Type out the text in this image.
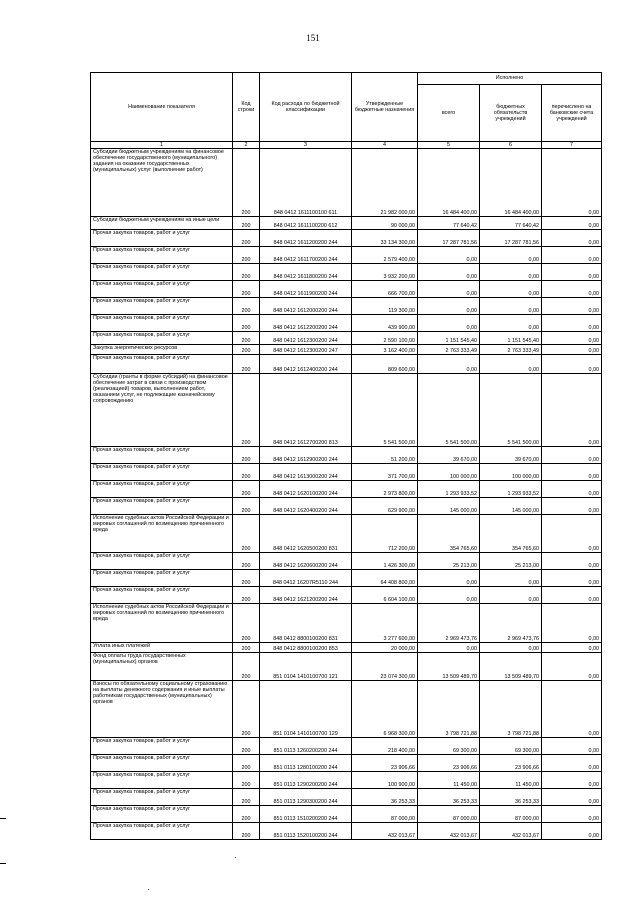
151
Наименование показателя	Код строки	Код расхода по бюджетной классификации	Утвержденные бюджетные назначения	Исполнено		
				всего	бюджетных обязательств учреждений	перечислено на банковские счета учреждений
1	2	3	4	5	6	7
Субсидии бюджетным учреждениям на финансовое обеспечение государственного (муниципального) задания на оказание государственных (муниципальных) услуг (выполнение работ)	200	848 0412 1611100100 611	21 982 000,00	16 484 400,00	16 484 400,00	0,00
Субсидии бюджетным учреждениям на иные цели	200	848 0412 1611100200 612	90 000,00	77 640,42	77 640,42	0,00
Прочая закупка товаров, работ и услуг	200	848 0412 1611200200 244	33 134 300,00	17 287 781,56	17 287 781,56	0,00
Прочая закупка товаров, работ и услуг	200	848 0412 1611700200 244	2 579 400,00	0,00	0,00	0,00
Прочая закупка товаров, работ и услуг	200	848 0412 1611800200 244	3 932 200,00	0,00	0,00	0,00
Прочая закупка товаров, работ и услуг	200	848 0412 1611900200 244	666 700,00	0,00	0,00	0,00
Прочая закупка товаров, работ и услуг	200	848 0412 1612000200 244	119 300,00	0,00	0,00	0,00
Прочая закупка товаров, работ и услуг	200	848 0412 1612200200 244	439 900,00	0,00	0,00	0,00
Прочая закупка товаров, работ и услуг	200	848 0412 1612300200 244	2 590 100,00	1 151 545,40	1 151 545,40	0,00
Закупка энергетических ресурсов	200	848 0412 1612300200 247	3 162 400,00	2 763 333,49	2 763 333,49	0,00
Прочая закупка товаров, работ и услуг	200	848 0412 1612400200 244	809 600,00	0,00	0,00	0,00
Субсидии (гранты в форме субсидий) на финансовое обеспечение затрат в связи с производством (реализацией) товаров, выполнением работ, оказанием услуг, не подлежащие казначейскому сопровождению	200	848 0412 1612700200 813	5 541 500,00	5 541 500,00	5 541 500,00	0,00
Прочая закупка товаров, работ и услуг	200	848 0412 1612900200 244	51 200,00	39 670,00	39 670,00	0,00
Прочая закупка товаров, работ и услуг	200	848 0412 1613000200 244	371 700,00	100 000,00	100 000,00	0,00
Прочая закупка товаров, работ и услуг	200	848 0412 1620100200 244	2 973 800,00	1 293 933,52	1 293 933,52	0,00
Прочая закупка товаров, работ и услуг	200	848 0412 1620400200 244	629 900,00	145 000,00	145 000,00	0,00
Исполнение судебных актов Российской Федерации и мировых соглашений по возмещению причиненного вреда	200	848 0412 1620500200 831	712 200,00	354 765,60	354 765,60	0,00
Прочая закупка товаров, работ и услуг	200	848 0412 1620600200 244	1 426 300,00	25 213,00	25 213,00	0,00
Прочая закупка товаров, работ и услуг	200	848 0412 16207R5110 244	64 408 800,00	0,00	0,00	0,00
Прочая закупка товаров, работ и услуг	200	848 0412 1621200200 244	6 604 100,00	0,00	0,00	0,00
Исполнение судебных актов Российской Федерации и мировых соглашений по возмещению причиненного вреда	200	848 0412 8800100200 831	3 277 600,00	2 969 473,76	2 969 473,76	0,00
Уплата иных платежей	200	848 0412 8800100200 853	20 000,00	0,00	0,00	0,00
Фонд оплаты труда государственных (муниципальных) органов	200	851 0104 1410100700 121	23 074 300,00	13 509 489,70	13 509 489,70	0,00
Взносы по обязательному социальному страхованию на выплаты денежного содержания и иные выплаты работникам государственных (муниципальных) органов	200	851 0104 1410100700 129	6 968 300,00	3 798 721,88	3 798 721,88	0,00
Прочая закупка товаров, работ и услуг	200	851 0113 1260200200 244	218 400,00	69 300,00	69 300,00	0,00
Прочая закупка товаров, работ и услуг	200	851 0113 1280100200 244	23 906,66	23 906,66	23 906,66	0,00
Прочая закупка товаров, работ и услуг	200	851 0113 1290200200 244	100 900,00	11 450,00	11 450,00	0,00
Прочая закупка товаров, работ и услуг	200	851 0113 1290300200 244	36 253,33	36 253,33	36 253,33	0,00
Прочая закупка товаров, работ и услуг	200	851 0113 1510200200 244	87 000,00	87 000,00	87 000,00	0,00
Прочая закупка товаров, работ и услуг	200	851 0113 1520100200 244	432 013,67	432 013,67	432 013,67	0,00
